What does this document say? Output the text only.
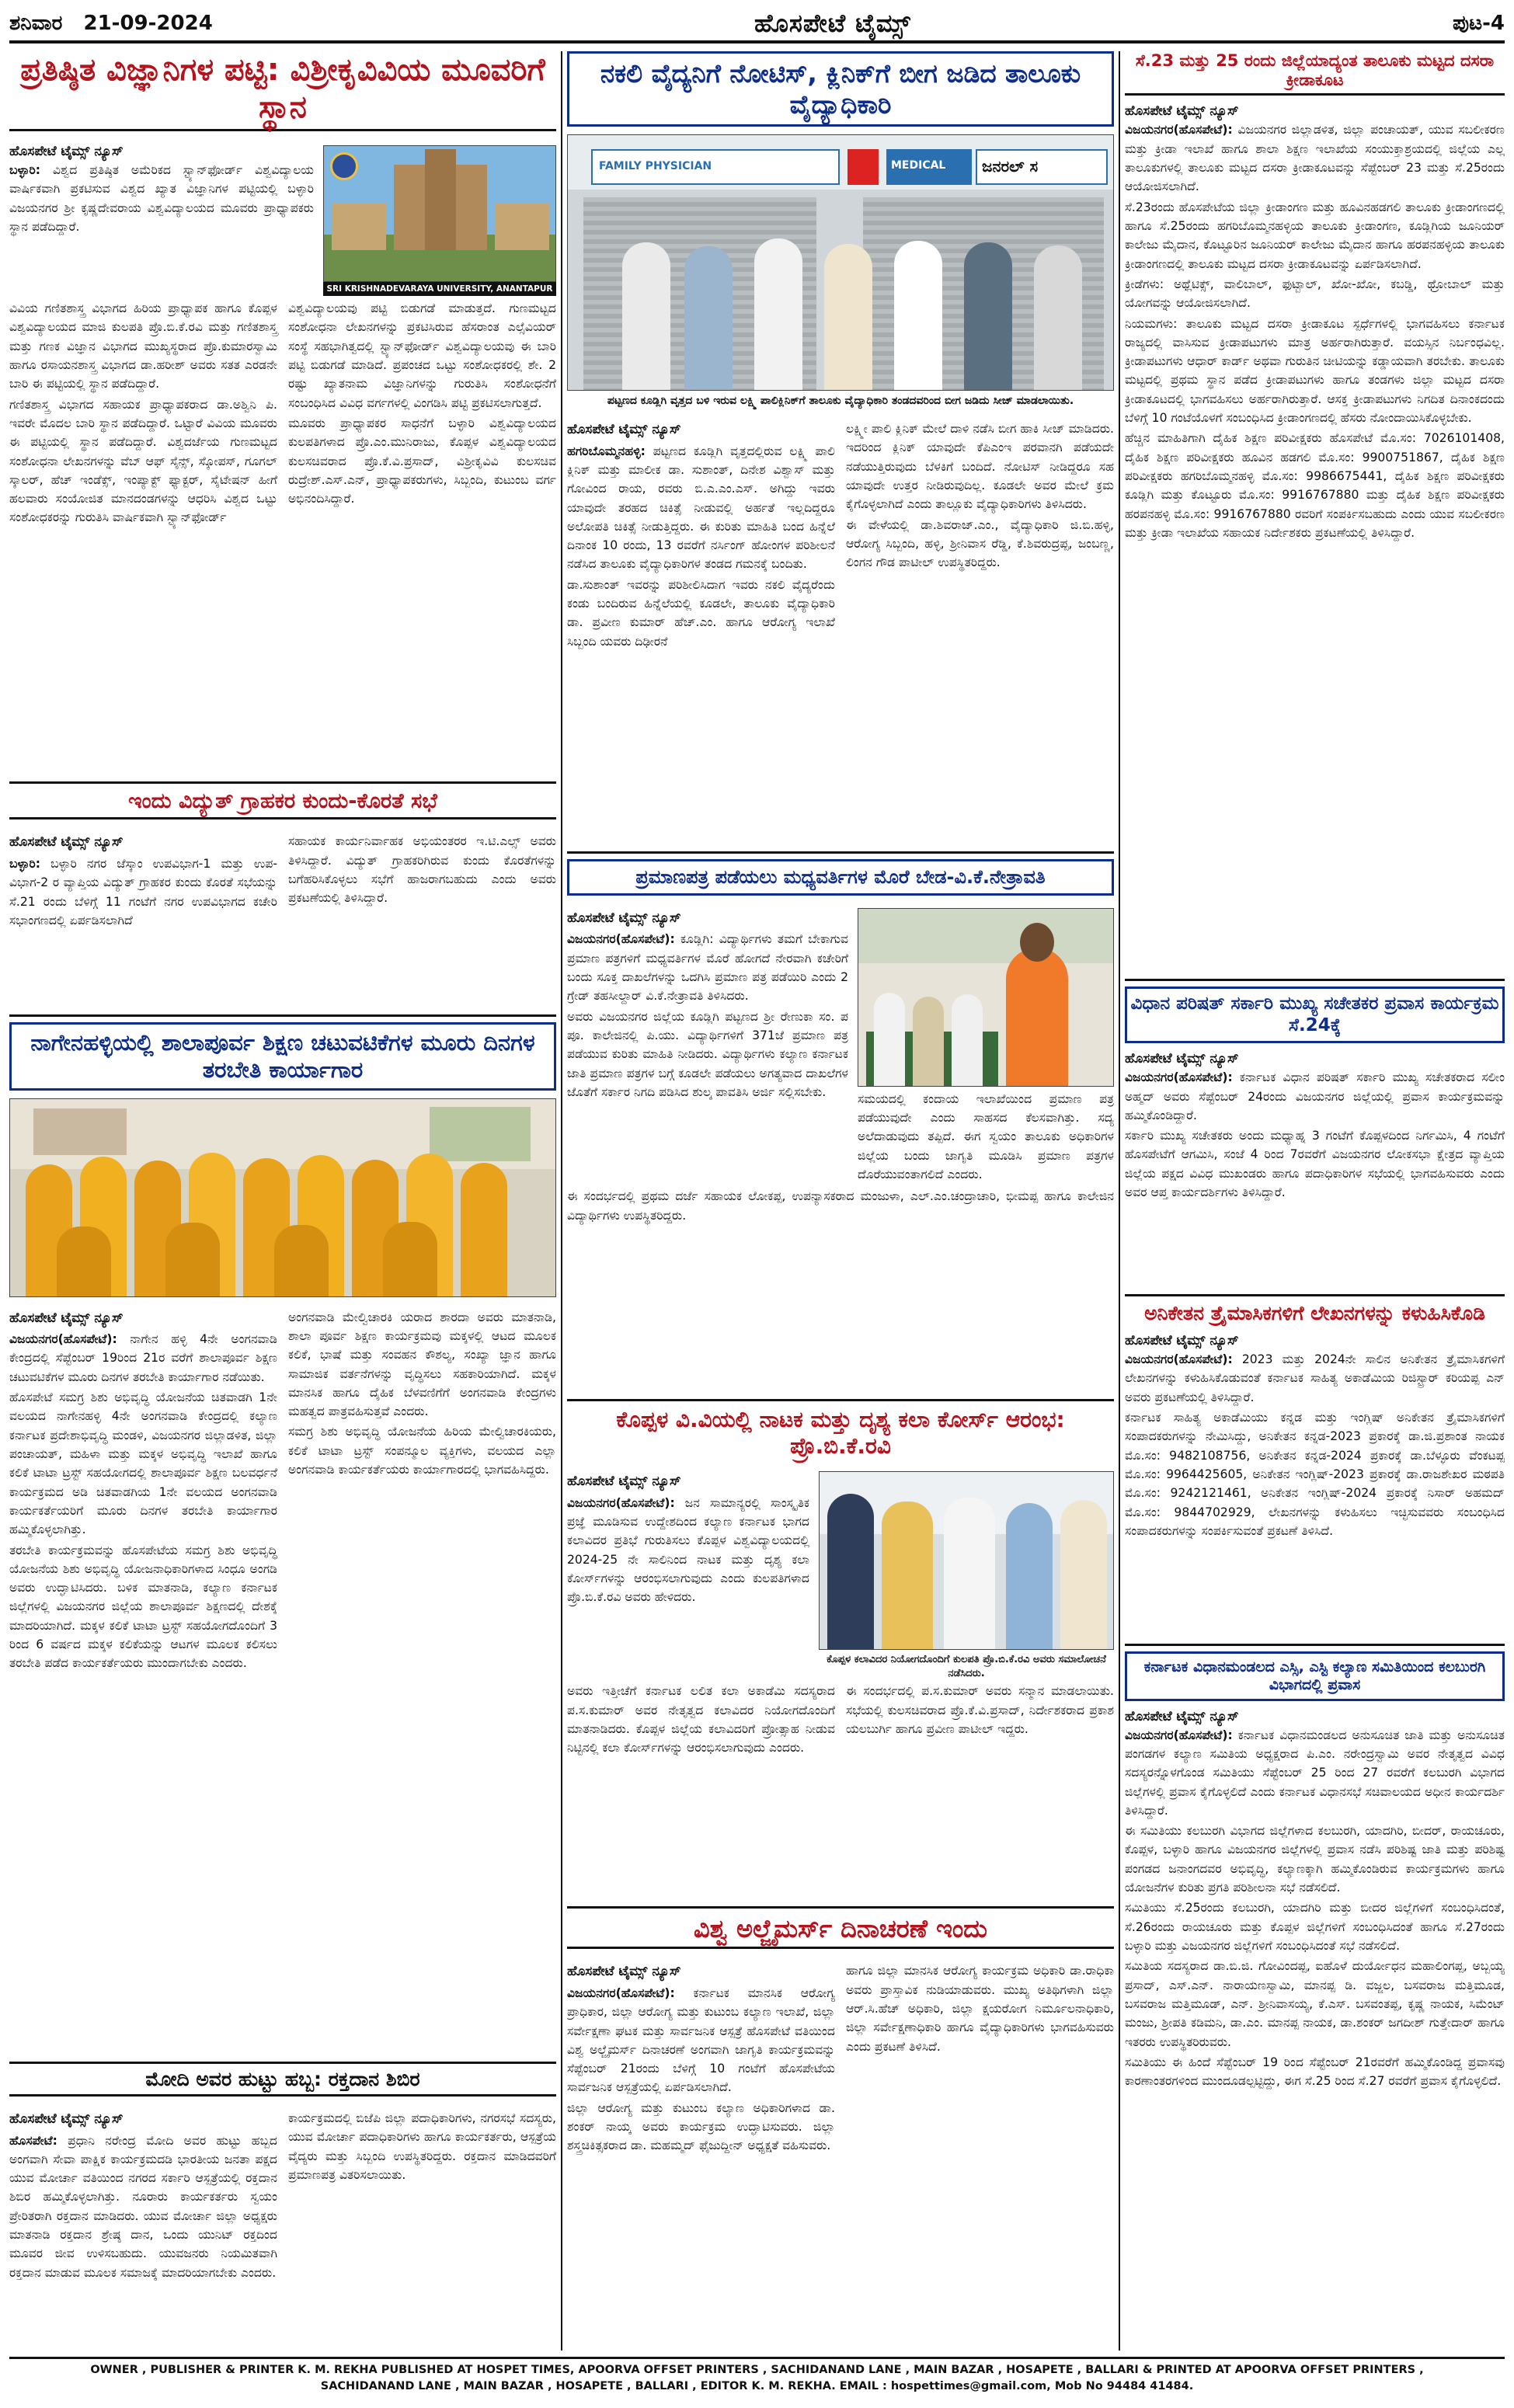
ಶನಿವಾರ 21-09-2024	ಹೊಸಪೇಟೆ ಟೈಮ್ಸ್	ಪುಟ-4
ಪ್ರತಿಷ್ಠಿತ ವಿಜ್ಞಾನಿಗಳ ಪಟ್ಟಿ: ವಿಶ್ರೀಕೃವಿವಿಯ ಮೂವರಿಗೆ ಸ್ಥಾನ
ಹೊಸಪೇಟೆ ಟೈಮ್ಸ್ ನ್ಯೂಸ್

ಬಳ್ಳಾರಿ: ವಿಶ್ವದ ಪ್ರತಿಷ್ಠಿತ ಅಮೆರಿಕದ ಸ್ಟ್ಯಾನ್‌ಫೋರ್ಡ್ ವಿಶ್ವವಿದ್ಯಾಲಯ ವಾರ್ಷಿಕವಾಗಿ ಪ್ರಕಟಿಸುವ ವಿಶ್ವದ ಖ್ಯಾತ ವಿಜ್ಞಾನಿಗಳ ಪಟ್ಟಿಯಲ್ಲಿ ಬಳ್ಳಾರಿ ವಿಜಯನಗರ ಶ್ರೀ ಕೃಷ್ಣದೇವರಾಯ ವಿಶ್ವವಿದ್ಯಾಲಯದ ಮೂವರು ಪ್ರಾಧ್ಯಾಪಕರು ಸ್ಥಾನ ಪಡೆದಿದ್ದಾರೆ.

SRI KRISHNADEVARAYA UNIVERSITY, ANANTAPUR

ವಿವಿಯ ಗಣಿತಶಾಸ್ತ್ರ ವಿಭಾಗದ ಹಿರಿಯ ಪ್ರಾಧ್ಯಾಪಕ ಹಾಗೂ ಕೊಪ್ಪಳ ವಿಶ್ವವಿದ್ಯಾಲಯದ ಮಾಜಿ ಕುಲಪತಿ ಪ್ರೊ.ಬಿ.ಕೆ.ರವಿ ಮತ್ತು ಗಣಿತಶಾಸ್ತ್ರ ಮತ್ತು ಗಣಕ ವಿಜ್ಞಾನ ವಿಭಾಗದ ಮುಖ್ಯಸ್ಥರಾದ ಪ್ರೊ.ಕುಮಾರಸ್ವಾಮಿ ಹಾಗೂ ರಸಾಯನಶಾಸ್ತ್ರ ವಿಭಾಗದ ಡಾ.ಹರೀಶ್ ಅವರು ಸತತ ಎರಡನೇ ಬಾರಿ ಈ ಪಟ್ಟಿಯಲ್ಲಿ ಸ್ಥಾನ ಪಡೆದಿದ್ದಾರೆ.

ಗಣಿತಶಾಸ್ತ್ರ ವಿಭಾಗದ ಸಹಾಯಕ ಪ್ರಾಧ್ಯಾಪಕರಾದ ಡಾ.ಅಶ್ವಿನಿ ಪಿ. ಇವರೇ ಮೊದಲ ಬಾರಿ ಸ್ಥಾನ ಪಡೆದಿದ್ದಾರೆ. ಒಟ್ಟಾರೆ ವಿವಿಯ ಮೂವರು ಈ ಪಟ್ಟಿಯಲ್ಲಿ ಸ್ಥಾನ ಪಡೆದಿದ್ದಾರೆ. ವಿಶ್ವದರ್ಜೆಯ ಗುಣಮಟ್ಟದ ಸಂಶೋಧನಾ ಲೇಖನಗಳನ್ನು ವೆಬ್ ಆಫ್ ಸೈನ್ಸ್, ಸ್ಕೋಪಸ್, ಗೂಗಲ್ ಸ್ಕಾಲರ್, ಹೆಚ್ ಇಂಡೆಕ್ಸ್, ಇಂಪ್ಯಾಕ್ಟ್ ಫ್ಯಾಕ್ಟರ್, ಸೈಟೇಷನ್ ಹೀಗೆ ಹಲವಾರು ಸಂಯೋಜಿತ ಮಾನದಂಡಗಳನ್ನು ಆಧರಿಸಿ ವಿಶ್ವದ ಒಟ್ಟು ಸಂಶೋಧಕರನ್ನು ಗುರುತಿಸಿ ವಾರ್ಷಿಕವಾಗಿ ಸ್ಟ್ಯಾನ್‌ಫೋರ್ಡ್

ವಿಶ್ವವಿದ್ಯಾಲಯವು ಪಟ್ಟಿ ಬಿಡುಗಡೆ ಮಾಡುತ್ತದೆ. ಗುಣಮಟ್ಟದ ಸಂಶೋಧನಾ ಲೇಖನಗಳನ್ನು ಪ್ರಕಟಿಸಿರುವ ಹೆಸರಾಂತ ಎಲ್ಸೆವಿಯರ್ ಸಂಸ್ಥೆ ಸಹಭಾಗಿತ್ವದಲ್ಲಿ ಸ್ಟ್ಯಾನ್‌ಫೋರ್ಡ್ ವಿಶ್ವವಿದ್ಯಾಲಯವು ಈ ಬಾರಿ ಪಟ್ಟಿ ಬಿಡುಗಡೆ ಮಾಡಿದೆ. ಪ್ರಪಂಚದ ಒಟ್ಟು ಸಂಶೋಧಕರಲ್ಲಿ ಶೇ. 2 ರಷ್ಟು ಖ್ಯಾತನಾಮ ವಿಜ್ಞಾನಿಗಳನ್ನು ಗುರುತಿಸಿ ಸಂಶೋಧನೆಗೆ ಸಂಬಂಧಿಸಿದ ವಿವಿಧ ವರ್ಗಗಳಲ್ಲಿ ವಿಂಗಡಿಸಿ ಪಟ್ಟಿ ಪ್ರಕಟಿಸಲಾಗುತ್ತದೆ.

ಮೂವರು ಪ್ರಾಧ್ಯಾಪಕರ ಸಾಧನೆಗೆ ಬಳ್ಳಾರಿ ವಿಶ್ವವಿದ್ಯಾಲಯದ ಕುಲಪತಿಗಳಾದ ಪ್ರೊ.ಎಂ.ಮುನಿರಾಜು, ಕೊಪ್ಪಳ ವಿಶ್ವವಿದ್ಯಾಲಯದ ಕುಲಸಚಿವರಾದ ಪ್ರೊ.ಕೆ.ವಿ.ಪ್ರಸಾದ್, ವಿಶ್ರೀಕೃವಿವಿ ಕುಲಸಚಿವ ರುದ್ರೇಶ್.ಎಸ್.ಎನ್, ಪ್ರಾಧ್ಯಾಪಕರುಗಳು, ಸಿಬ್ಬಂದಿ, ಕುಟುಂಬ ವರ್ಗ ಅಭಿನಂದಿಸಿದ್ದಾರೆ.

ಇಂದು ವಿದ್ಯುತ್ ಗ್ರಾಹಕರ ಕುಂದು-ಕೊರತೆ ಸಭೆ
ಹೊಸಪೇಟೆ ಟೈಮ್ಸ್ ನ್ಯೂಸ್

ಬಳ್ಳಾರಿ: ಬಳ್ಳಾರಿ ನಗರ ಜೆಸ್ಕಾಂ ಉಪವಿಭಾಗ-1 ಮತ್ತು ಉಪ-ವಿಭಾಗ-2 ರ ವ್ಯಾಪ್ತಿಯ ವಿದ್ಯುತ್ ಗ್ರಾಹಕರ ಕುಂದು ಕೊರತೆ ಸಭೆಯನ್ನು ಸೆ.21 ರಂದು ಬೆಳಿಗ್ಗೆ 11 ಗಂಟೆಗೆ ನಗರ ಉಪವಿಭಾಗದ ಕಚೇರಿ ಸಭಾಂಗಣದಲ್ಲಿ ಏರ್ಪಡಿಸಲಾಗಿದೆ

ಸಹಾಯಕ ಕಾರ್ಯನಿರ್ವಾಹಕ ಅಭಿಯಂತರರ ಇ.ಟಿ.ಎಲ್ಸ್ ಅವರು ತಿಳಿಸಿದ್ದಾರೆ. ವಿದ್ಯುತ್ ಗ್ರಾಹಕರಿಗಿರುವ ಕುಂದು ಕೊರತೆಗಳನ್ನು ಬಗೆಹರಿಸಿಕೊಳ್ಳಲು ಸಭೆಗೆ ಹಾಜರಾಗಬಹುದು ಎಂದು ಅವರು ಪ್ರಕಟಣೆಯಲ್ಲಿ ತಿಳಿಸಿದ್ದಾರೆ.

ನಾಗೇನಹಳ್ಳಿಯಲ್ಲಿ ಶಾಲಾಪೂರ್ವ ಶಿಕ್ಷಣ ಚಟುವಟಿಕೆಗಳ ಮೂರು ದಿನಗಳ ತರಬೇತಿ ಕಾರ್ಯಾಗಾರ
ಹೊಸಪೇಟೆ ಟೈಮ್ಸ್ ನ್ಯೂಸ್

ವಿಜಯನಗರ(ಹೊಸಪೇಟೆ): ನಾಗೇನ ಹಳ್ಳಿ 4ನೇ ಅಂಗನವಾಡಿ ಕೇಂದ್ರದಲ್ಲಿ ಸೆಪ್ಟೆಂಬರ್ 19ರಿಂದ 21ರ ವರೆಗೆ ಶಾಲಾಪೂರ್ವ ಶಿಕ್ಷಣ ಚಟುವಟಿಕೆಗಳ ಮೂರು ದಿನಗಳ ತರಬೇತಿ ಕಾರ್ಯಾಗಾರ ನಡೆಯಿತು.

ಹೊಸಪೇಟೆ ಸಮಗ್ರ ಶಿಶು ಅಭಿವೃದ್ಧಿ ಯೋಜನೆಯ ಚಿತವಾಡಗಿ 1ನೇ ವಲಯದ ನಾಗೇನಹಳ್ಳಿ 4ನೇ ಅಂಗನವಾಡಿ ಕೇಂದ್ರದಲ್ಲಿ ಕಲ್ಯಾಣ ಕರ್ನಾಟಕ ಪ್ರದೇಶಾಭಿವೃದ್ಧಿ ಮಂಡಳಿ, ವಿಜಯನಗರ ಜಿಲ್ಲಾಡಳಿತ, ಜಿಲ್ಲಾ ಪಂಚಾಯತ್, ಮಹಿಳಾ ಮತ್ತು ಮಕ್ಕಳ ಅಭಿವೃದ್ಧಿ ಇಲಾಖೆ ಹಾಗೂ ಕಲಿಕೆ ಟಾಟಾ ಟ್ರಸ್ಟ್ ಸಹಯೋಗದಲ್ಲಿ ಶಾಲಾಪೂರ್ವ ಶಿಕ್ಷಣ ಬಲವರ್ಧನೆ ಕಾರ್ಯಕ್ರಮದ ಅಡಿ ಚಿತವಾಡಗಿಯ 1ನೇ ವಲಯದ ಅಂಗನವಾಡಿ ಕಾರ್ಯಕರ್ತೆಯರಿಗೆ ಮೂರು ದಿನಗಳ ತರಬೇತಿ ಕಾರ್ಯಾಗಾರ ಹಮ್ಮಿಕೊಳ್ಳಲಾಗಿತ್ತು.

ತರಬೇತಿ ಕಾರ್ಯಕ್ರಮವನ್ನು ಹೊಸಪೇಟೆಯ ಸಮಗ್ರ ಶಿಶು ಅಭಿವೃದ್ಧಿ ಯೋಜನೆಯ ಶಿಶು ಅಭಿವೃದ್ಧಿ ಯೋಜನಾಧಿಕಾರಿಗಳಾದ ಸಿಂಧೂ ಅಂಗಡಿ ಅವರು ಉದ್ಘಾಟಿಸಿದರು. ಬಳಿಕ ಮಾತನಾಡಿ, ಕಲ್ಯಾಣ ಕರ್ನಾಟಕ ಜಿಲ್ಲೆಗಳಲ್ಲಿ ವಿಜಯನಗರ ಜಿಲ್ಲೆಯ ಶಾಲಾಪೂರ್ವ ಶಿಕ್ಷಣದಲ್ಲಿ ದೇಶಕ್ಕೆ ಮಾದರಿಯಾಗಿದೆ. ಮಕ್ಕಳ ಕಲಿಕೆ ಟಾಟಾ ಟ್ರಸ್ಟ್ ಸಹಯೋಗದೊಂದಿಗೆ 3 ರಿಂದ 6 ವರ್ಷದ ಮಕ್ಕಳ ಕಲಿಕೆಯನ್ನು ಆಟಗಳ ಮೂಲಕ ಕಲಿಸಲು ತರಬೇತಿ ಪಡೆದ ಕಾರ್ಯಕರ್ತೆಯರು ಮುಂದಾಗಬೇಕು ಎಂದರು.

ಅಂಗನವಾಡಿ ಮೇಲ್ವಿಚಾರಕಿ ಯರಾದ ಶಾರದಾ ಅವರು ಮಾತನಾಡಿ, ಶಾಲಾ ಪೂರ್ವ ಶಿಕ್ಷಣ ಕಾರ್ಯಕ್ರಮವು ಮಕ್ಕಳಲ್ಲಿ ಆಟದ ಮೂಲಕ ಕಲಿಕೆ, ಭಾಷೆ ಮತ್ತು ಸಂವಹನ ಕೌಶಲ್ಯ, ಸಂಖ್ಯಾ ಜ್ಞಾನ ಹಾಗೂ ಸಾಮಾಜಿಕ ವರ್ತನೆಗಳನ್ನು ವೃದ್ಧಿಸಲು ಸಹಕಾರಿಯಾಗಿದೆ. ಮಕ್ಕಳ ಮಾನಸಿಕ ಹಾಗೂ ದೈಹಿಕ ಬೆಳವಣಿಗೆಗೆ ಅಂಗನವಾಡಿ ಕೇಂದ್ರಗಳು ಮಹತ್ವದ ಪಾತ್ರವಹಿಸುತ್ತವೆ ಎಂದರು.

ಸಮಗ್ರ ಶಿಶು ಅಭಿವೃದ್ಧಿ ಯೋಜನೆಯ ಹಿರಿಯ ಮೇಲ್ವಿಚಾರಕಿಯರು, ಕಲಿಕೆ ಟಾಟಾ ಟ್ರಸ್ಟ್ ಸಂಪನ್ಮೂಲ ವ್ಯಕ್ತಿಗಳು, ವಲಯದ ಎಲ್ಲಾ ಅಂಗನವಾಡಿ ಕಾರ್ಯಕರ್ತೆಯರು ಕಾರ್ಯಾಗಾರದಲ್ಲಿ ಭಾಗವಹಿಸಿದ್ದರು.

ಮೋದಿ ಅವರ ಹುಟ್ಟು ಹಬ್ಬ: ರಕ್ತದಾನ ಶಿಬಿರ
ಹೊಸಪೇಟೆ ಟೈಮ್ಸ್ ನ್ಯೂಸ್

ಹೊಸಪೇಟೆ: ಪ್ರಧಾನಿ ನರೇಂದ್ರ ಮೋದಿ ಅವರ ಹುಟ್ಟು ಹಬ್ಬದ ಅಂಗವಾಗಿ ಸೇವಾ ಪಾಕ್ಷಿಕ ಕಾರ್ಯಕ್ರಮದಡಿ ಭಾರತೀಯ ಜನತಾ ಪಕ್ಷದ ಯುವ ಮೋರ್ಚಾ ವತಿಯಿಂದ ನಗರದ ಸರ್ಕಾರಿ ಆಸ್ಪತ್ರೆಯಲ್ಲಿ ರಕ್ತದಾನ ಶಿಬಿರ ಹಮ್ಮಿಕೊಳ್ಳಲಾಗಿತ್ತು. ನೂರಾರು ಕಾರ್ಯಕರ್ತರು ಸ್ವಯಂ ಪ್ರೇರಿತರಾಗಿ ರಕ್ತದಾನ ಮಾಡಿದರು. ಯುವ ಮೋರ್ಚಾ ಜಿಲ್ಲಾ ಅಧ್ಯಕ್ಷರು ಮಾತನಾಡಿ ರಕ್ತದಾನ ಶ್ರೇಷ್ಠ ದಾನ, ಒಂದು ಯುನಿಟ್ ರಕ್ತದಿಂದ ಮೂವರ ಜೀವ ಉಳಿಸಬಹುದು. ಯುವಜನರು ನಿಯಮಿತವಾಗಿ ರಕ್ತದಾನ ಮಾಡುವ ಮೂಲಕ ಸಮಾಜಕ್ಕೆ ಮಾದರಿಯಾಗಬೇಕು ಎಂದರು.

ಕಾರ್ಯಕ್ರಮದಲ್ಲಿ ಬಿಜೆಪಿ ಜಿಲ್ಲಾ ಪದಾಧಿಕಾರಿಗಳು, ನಗರಸಭೆ ಸದಸ್ಯರು, ಯುವ ಮೋರ್ಚಾ ಪದಾಧಿಕಾರಿಗಳು ಹಾಗೂ ಕಾರ್ಯಕರ್ತರು, ಆಸ್ಪತ್ರೆಯ ವೈದ್ಯರು ಮತ್ತು ಸಿಬ್ಬಂದಿ ಉಪಸ್ಥಿತರಿದ್ದರು. ರಕ್ತದಾನ ಮಾಡಿದವರಿಗೆ ಪ್ರಮಾಣಪತ್ರ ವಿತರಿಸಲಾಯಿತು.

ನಕಲಿ ವೈದ್ಯನಿಗೆ ನೋಟಿಸ್, ಕ್ಲಿನಿಕ್‌ಗೆ ಬೀಗ ಜಡಿದ ತಾಲೂಕು ವೈದ್ಯಾಧಿಕಾರಿ
FAMILY PHYSICIAN	MEDICAL	ಜನರಲ್ ಸ
ಪಟ್ಟಣದ ಕೂಡ್ಲಿಗಿ ವೃತ್ತದ ಬಳಿ ಇರುವ ಲಕ್ಷ್ಮಿ ಪಾಲಿಕ್ಲಿನಿಕ್‌ಗೆ ತಾಲೂಕು ವೈದ್ಯಾಧಿಕಾರಿ ತಂಡದವರಿಂದ ಬೀಗ ಜಡಿದು ಸೀಜ್ ಮಾಡಲಾಯಿತು.
ಹೊಸಪೇಟೆ ಟೈಮ್ಸ್ ನ್ಯೂಸ್

ಹಗರಿಬೊಮ್ಮನಹಳ್ಳಿ: ಪಟ್ಟಣದ ಕೂಡ್ಲಿಗಿ ವೃತ್ತದಲ್ಲಿರುವ ಲಕ್ಷ್ಮಿ ಪಾಲಿ ಕ್ಲಿನಿಕ್ ಮತ್ತು ಮಾಲೀಕ ಡಾ. ಸುಶಾಂತ್, ದಿನೇಶ ವಿಶ್ವಾಸ್ ಮತ್ತು ಗೋವಿಂದ ರಾಯ, ರವರು ಬಿ.ಎ.ಎಂ.ಎಸ್. ಅಗಿದ್ದು ಇವರು ಯಾವುದೇ ತರಹದ ಚಿಕಿತ್ಸೆ ನೀಡುವಲ್ಲಿ ಅರ್ಹತೆ ಇಲ್ಲದಿದ್ದರೂ ಅಲೋಪತಿ ಚಿಕಿತ್ಸೆ ನೀಡುತ್ತಿದ್ದರು. ಈ ಕುರಿತು ಮಾಹಿತಿ ಬಂದ ಹಿನ್ನೆಲೆ ದಿನಾಂಕ 10 ರಂದು, 13 ರವರೆಗೆ ನರ್ಸಿಂಗ್ ಹೋಂಗಳ ಪರಿಶೀಲನೆ ನಡೆಸಿದ ತಾಲೂಕು ವೈದ್ಯಾಧಿಕಾರಿಗಳ ತಂಡದ ಗಮನಕ್ಕೆ ಬಂದಿತು.

ಡಾ.ಸುಶಾಂತ್ ಇವರನ್ನು ಪರಿಶೀಲಿಸಿದಾಗ ಇವರು ನಕಲಿ ವೈದ್ಯರೆಂದು ಕಂಡು ಬಂದಿರುವ ಹಿನ್ನೆಲೆಯಲ್ಲಿ ಕೂಡಲೇ, ತಾಲೂಕು ವೈದ್ಯಾಧಿಕಾರಿ ಡಾ. ಪ್ರವೀಣ ಕುಮಾರ್ ಹೆಚ್.ಎಂ. ಹಾಗೂ ಆರೋಗ್ಯ ಇಲಾಖೆ ಸಿಬ್ಬಂದಿ ಯವರು ದಿಢೀರನೆ

ಲಕ್ಷ್ಮೀ ಪಾಲಿ ಕ್ಲಿನಿಕ್ ಮೇಲೆ ದಾಳಿ ನಡೆಸಿ ಬೀಗ ಹಾಕಿ ಸೀಜ್ ಮಾಡಿದರು. ಇದರಿಂದ ಕ್ಲಿನಿಕ್ ಯಾವುದೇ ಕೆಪಿಎಂಇ ಪರವಾನಗಿ ಪಡೆಯದೇ ನಡೆಯುತ್ತಿರುವುದು ಬೆಳಕಿಗೆ ಬಂದಿದೆ. ನೋಟಿಸ್ ನೀಡಿದ್ದರೂ ಸಹ ಯಾವುದೇ ಉತ್ತರ ನೀಡಿರುವುದಿಲ್ಲ. ಕೂಡಲೇ ಅವರ ಮೇಲೆ ಕ್ರಮ ಕೈಗೊಳ್ಳಲಾಗಿದೆ ಎಂದು ತಾಲ್ಲೂಕು ವೈದ್ಯಾಧಿಕಾರಿಗಳು ತಿಳಿಸಿದರು.

ಈ ವೇಳೆಯಲ್ಲಿ ಡಾ.ಶಿವರಾಜ್.ಎಂ., ವೈದ್ಯಾಧಿಕಾರಿ ಜಿ.ಬಿ.ಹಳ್ಳಿ, ಆರೋಗ್ಯ ಸಿಬ್ಬಂದಿ, ಹಳ್ಳಿ, ಶ್ರೀನಿವಾಸ ರೆಡ್ಡಿ, ಕೆ.ಶಿವರುದ್ರಪ್ಪ, ಜಂಬಣ್ಣ, ಲಿಂಗನ ಗೌಡ ಪಾಟೀಲ್ ಉಪಸ್ಥಿತರಿದ್ದರು.

ಪ್ರಮಾಣಪತ್ರ ಪಡೆಯಲು ಮಧ್ಯವರ್ತಿಗಳ ಮೊರೆ ಬೇಡ-ವಿ.ಕೆ.ನೇತ್ರಾವತಿ
ಹೊಸಪೇಟೆ ಟೈಮ್ಸ್ ನ್ಯೂಸ್

ವಿಜಯನಗರ(ಹೊಸಪೇಟೆ): ಕೂಡ್ಲಿಗಿ: ವಿದ್ಯಾರ್ಥಿಗಳು ತಮಗೆ ಬೇಕಾಗುವ ಪ್ರಮಾಣ ಪತ್ರಗಳಿಗೆ ಮಧ್ಯವರ್ತಿಗಳ ಮೊರೆ ಹೋಗದೆ ನೇರವಾಗಿ ಕಚೇರಿಗೆ ಬಂದು ಸೂಕ್ತ ದಾಖಲೆಗಳನ್ನು ಒದಗಿಸಿ ಪ್ರಮಾಣ ಪತ್ರ ಪಡೆಯಿರಿ ಎಂದು 2 ಗ್ರೇಡ್ ತಹಸೀಲ್ದಾರ್ ವಿ.ಕೆ.ನೇತ್ರಾವತಿ ತಿಳಿಸಿದರು.

ಅವರು ವಿಜಯನಗರ ಜಿಲ್ಲೆಯ ಕೂಡ್ಲಿಗಿ ಪಟ್ಟಣದ ಶ್ರೀ ರೇಣುಕಾ ಸಂ. ಪ ಪೂ. ಕಾಲೇಜಿನಲ್ಲಿ ಪಿ.ಯು. ವಿದ್ಯಾರ್ಥಿಗಳಿಗೆ 371ಜೆ ಪ್ರಮಾಣ ಪತ್ರ ಪಡೆಯುವ ಕುರಿತು ಮಾಹಿತಿ ನೀಡಿದರು. ವಿದ್ಯಾರ್ಥಿಗಳು ಕಲ್ಯಾಣ ಕರ್ನಾಟಕ ಜಾತಿ ಪ್ರಮಾಣ ಪತ್ರಗಳ ಬಗ್ಗೆ ಕೂಡಲೇ ಪಡೆಯಲು ಅಗತ್ಯವಾದ ದಾಖಲೆಗಳ ಜೊತೆಗೆ ಸರ್ಕಾರ ನಿಗದಿ ಪಡಿಸಿದ ಶುಲ್ಕ ಪಾವತಿಸಿ ಅರ್ಜಿ ಸಲ್ಲಿಸಬೇಕು.	ಸಮಯದಲ್ಲಿ ಕಂದಾಯ ಇಲಾಖೆಯಿಂದ ಪ್ರಮಾಣ ಪತ್ರ ಪಡೆಯುವುದೇ ಎಂದು ಸಾಹಸದ ಕೆಲಸವಾಗಿತ್ತು. ಸದ್ಯ ಅಲೆದಾಡುವುದು ತಪ್ಪಿದೆ. ಈಗ ಸ್ವಯಂ ತಾಲೂಕು ಅಧಿಕಾರಿಗಳ ಜಿಲ್ಲೆಯ ಬಂದು ಜಾಗೃತಿ ಮೂಡಿಸಿ ಪ್ರಮಾಣ ಪತ್ರಗಳ ದೊರೆಯುವಂತಾಗಲಿದೆ ಎಂದರು.

ಈ ಸಂದರ್ಭದಲ್ಲಿ ಪ್ರಥಮ ದರ್ಜೆ ಸಹಾಯಕ ಲೋಕಪ್ಪ, ಉಪನ್ಯಾಸಕರಾದ ಮಂಜುಳಾ, ಎಲ್.ಎಂ.ಚಂದ್ರಾಚಾರಿ, ಭೀಮಪ್ಪ ಹಾಗೂ ಕಾಲೇಜಿನ ವಿದ್ಯಾರ್ಥಿಗಳು ಉಪಸ್ಥಿತರಿದ್ದರು.

ಕೊಪ್ಪಳ ವಿ.ವಿಯಲ್ಲಿ ನಾಟಕ ಮತ್ತು ದೃಶ್ಯ ಕಲಾ ಕೋರ್ಸ್ ಆರಂಭ: ಪ್ರೊ.ಬಿ.ಕೆ.ರವಿ
ಹೊಸಪೇಟೆ ಟೈಮ್ಸ್ ನ್ಯೂಸ್

ವಿಜಯನಗರ(ಹೊಸಪೇಟೆ): ಜನ ಸಾಮಾನ್ಯರಲ್ಲಿ ಸಾಂಸ್ಕೃತಿಕ ಪ್ರಜ್ಞೆ ಮೂಡಿಸುವ ಉದ್ದೇಶದಿಂದ ಕಲ್ಯಾಣ ಕರ್ನಾಟಕ ಭಾಗದ ಕಲಾವಿದರ ಪ್ರತಿಭೆ ಗುರುತಿಸಲು ಕೊಪ್ಪಳ ವಿಶ್ವವಿದ್ಯಾಲಯದಲ್ಲಿ 2024-25 ನೇ ಸಾಲಿನಿಂದ ನಾಟಕ ಮತ್ತು ದೃಶ್ಯ ಕಲಾ ಕೋರ್ಸ್‌ಗಳನ್ನು ಆರಂಭಿಸಲಾಗುವುದು ಎಂದು ಕುಲಪತಿಗಳಾದ ಪ್ರೊ.ಬಿ.ಕೆ.ರವಿ ಅವರು ಹೇಳಿದರು.

ಕೊಪ್ಪಳ ಕಲಾವಿದರ ನಿಯೋಗದೊಂದಿಗೆ ಕುಲಪತಿ ಪ್ರೊ.ಬಿ.ಕೆ.ರವಿ ಅವರು ಸಮಾಲೋಚನೆ ನಡೆಸಿದರು.

ಅವರು ಇತ್ತೀಚೆಗೆ ಕರ್ನಾಟಕ ಲಲಿತ ಕಲಾ ಅಕಾಡೆಮಿ ಸದಸ್ಯರಾದ ಪ.ಸ.ಕುಮಾರ್ ಅವರ ನೇತೃತ್ವದ ಕಲಾವಿದರ ನಿಯೋಗದೊಂದಿಗೆ ಮಾತನಾಡಿದರು. ಕೊಪ್ಪಳ ಜಿಲ್ಲೆಯ ಕಲಾವಿದರಿಗೆ ಪ್ರೋತ್ಸಾಹ ನೀಡುವ ನಿಟ್ಟಿನಲ್ಲಿ ಕಲಾ ಕೋರ್ಸ್‌ಗಳನ್ನು ಆರಂಭಿಸಲಾಗುವುದು ಎಂದರು.

ಈ ಸಂದರ್ಭದಲ್ಲಿ ಪ.ಸ.ಕುಮಾರ್ ಅವರು ಸನ್ಮಾನ ಮಾಡಲಾಯಿತು. ಸಭೆಯಲ್ಲಿ ಕುಲಸಚಿವರಾದ ಪ್ರೊ.ಕೆ.ವಿ.ಪ್ರಸಾದ್, ನಿರ್ದೇಶಕರಾದ ಪ್ರಕಾಶ ಯಲಬುರ್ಗಿ ಹಾಗೂ ಪ್ರವೀಣ ಪಾಟೀಲ್ ಇದ್ದರು.

ವಿಶ್ವ ಅಲ್ಜೈಮರ್ಸ್ ದಿನಾಚರಣೆ ಇಂದು
ಹೊಸಪೇಟೆ ಟೈಮ್ಸ್ ನ್ಯೂಸ್

ವಿಜಯನಗರ(ಹೊಸಪೇಟೆ): ಕರ್ನಾಟಕ ಮಾನಸಿಕ ಆರೋಗ್ಯ ಪ್ರಾಧಿಕಾರ, ಜಿಲ್ಲಾ ಆರೋಗ್ಯ ಮತ್ತು ಕುಟುಂಬ ಕಲ್ಯಾಣ ಇಲಾಖೆ, ಜಿಲ್ಲಾ ಸರ್ವೇಕ್ಷಣಾ ಘಟಕ ಮತ್ತು ಸಾರ್ವಜನಿಕ ಆಸ್ಪತ್ರೆ ಹೊಸಪೇಟೆ ವತಿಯಿಂದ ವಿಶ್ವ ಅಲ್ಜೈಮರ್ಸ್ ದಿನಾಚರಣೆ ಅಂಗವಾಗಿ ಜಾಗೃತಿ ಕಾರ್ಯಕ್ರಮವನ್ನು ಸೆಪ್ಟೆಂಬರ್ 21ರಂದು ಬೆಳಿಗ್ಗೆ 10 ಗಂಟೆಗೆ ಹೊಸಪೇಟೆಯ ಸಾರ್ವಜನಿಕ ಆಸ್ಪತ್ರೆಯಲ್ಲಿ ಏರ್ಪಡಿಸಲಾಗಿದೆ.

ಜಿಲ್ಲಾ ಆರೋಗ್ಯ ಮತ್ತು ಕುಟುಂಬ ಕಲ್ಯಾಣ ಅಧಿಕಾರಿಗಳಾದ ಡಾ. ಶಂಕರ್ ನಾಯ್ಕ ಅವರು ಕಾರ್ಯಕ್ರಮ ಉದ್ಘಾಟಿಸುವರು. ಜಿಲ್ಲಾ ಶಸ್ತ್ರಚಿಕಿತ್ಸಕರಾದ ಡಾ. ಮಹಮ್ಮದ್ ಫೈಜುದ್ದೀನ್ ಅಧ್ಯಕ್ಷತೆ ವಹಿಸುವರು.

ಹಾಗೂ ಜಿಲ್ಲಾ ಮಾನಸಿಕ ಆರೋಗ್ಯ ಕಾರ್ಯಕ್ರಮ ಅಧಿಕಾರಿ ಡಾ.ರಾಧಿಕಾ ಅವರು ಪ್ರಾಸ್ತಾವಿಕ ನುಡಿಯಾಡುವರು. ಮುಖ್ಯ ಅತಿಥಿಗಳಾಗಿ ಜಿಲ್ಲಾ ಆರ್.ಸಿ.ಹೆಚ್ ಅಧಿಕಾರಿ, ಜಿಲ್ಲಾ ಕ್ಷಯರೋಗ ನಿರ್ಮೂಲನಾಧಿಕಾರಿ, ಜಿಲ್ಲಾ ಸರ್ವೇಕ್ಷಣಾಧಿಕಾರಿ ಹಾಗೂ ವೈದ್ಯಾಧಿಕಾರಿಗಳು ಭಾಗವಹಿಸುವರು ಎಂದು ಪ್ರಕಟಣೆ ತಿಳಿಸಿದೆ.

ಸೆ.23 ಮತ್ತು 25 ರಂದು ಜಿಲ್ಲೆಯಾದ್ಯಂತ ತಾಲೂಕು ಮಟ್ಟದ ದಸರಾ ಕ್ರೀಡಾಕೂಟ
ಹೊಸಪೇಟೆ ಟೈಮ್ಸ್ ನ್ಯೂಸ್

ವಿಜಯನಗರ(ಹೊಸಪೇಟೆ): ವಿಜಯನಗರ ಜಿಲ್ಲಾಡಳಿತ, ಜಿಲ್ಲಾ ಪಂಚಾಯತ್, ಯುವ ಸಬಲೀಕರಣ ಮತ್ತು ಕ್ರೀಡಾ ಇಲಾಖೆ ಹಾಗೂ ಶಾಲಾ ಶಿಕ್ಷಣ ಇಲಾಖೆಯ ಸಂಯುಕ್ತಾಶ್ರಯದಲ್ಲಿ ಜಿಲ್ಲೆಯ ಎಲ್ಲ ತಾಲೂಕುಗಳಲ್ಲಿ ತಾಲೂಕು ಮಟ್ಟದ ದಸರಾ ಕ್ರೀಡಾಕೂಟವನ್ನು ಸೆಪ್ಟೆಂಬರ್ 23 ಮತ್ತು ಸೆ.25ರಂದು ಆಯೋಜಿಸಲಾಗಿದೆ.

ಸೆ.23ರಂದು ಹೊಸಪೇಟೆಯ ಜಿಲ್ಲಾ ಕ್ರೀಡಾಂಗಣ ಮತ್ತು ಹೂವಿನಹಡಗಲಿ ತಾಲೂಕು ಕ್ರೀಡಾಂಗಣದಲ್ಲಿ ಹಾಗೂ ಸೆ.25ರಂದು ಹಗರಿಬೊಮ್ಮನಹಳ್ಳಿಯ ತಾಲೂಕು ಕ್ರೀಡಾಂಗಣ, ಕೂಡ್ಲಿಗಿಯ ಜೂನಿಯರ್ ಕಾಲೇಜು ಮೈದಾನ, ಕೊಟ್ಟೂರಿನ ಜೂನಿಯರ್ ಕಾಲೇಜು ಮೈದಾನ ಹಾಗೂ ಹರಪನಹಳ್ಳಿಯ ತಾಲೂಕು ಕ್ರೀಡಾಂಗಣದಲ್ಲಿ ತಾಲೂಕು ಮಟ್ಟದ ದಸರಾ ಕ್ರೀಡಾಕೂಟವನ್ನು ಏರ್ಪಡಿಸಲಾಗಿದೆ.

ಕ್ರೀಡೆಗಳು: ಅಥ್ಲೆಟಿಕ್ಸ್, ವಾಲಿಬಾಲ್, ಫುಟ್ಬಾಲ್, ಖೋ-ಖೋ, ಕಬಡ್ಡಿ, ಥ್ರೋಬಾಲ್ ಮತ್ತು ಯೋಗವನ್ನು ಆಯೋಜಿಸಲಾಗಿದೆ.

ನಿಯಮಗಳು: ತಾಲೂಕು ಮಟ್ಟದ ದಸರಾ ಕ್ರೀಡಾಕೂಟ ಸ್ಪರ್ಧೆಗಳಲ್ಲಿ ಭಾಗವಹಿಸಲು ಕರ್ನಾಟಕ ರಾಜ್ಯದಲ್ಲಿ ವಾಸಿಸುವ ಕ್ರೀಡಾಪಟುಗಳು ಮಾತ್ರ ಅರ್ಹರಾಗಿರುತ್ತಾರೆ. ವಯಸ್ಸಿನ ನಿರ್ಬಂಧವಿಲ್ಲ. ಕ್ರೀಡಾಪಟುಗಳು ಆಧಾರ್ ಕಾರ್ಡ್ ಅಥವಾ ಗುರುತಿನ ಚೀಟಿಯನ್ನು ಕಡ್ಡಾಯವಾಗಿ ತರಬೇಕು. ತಾಲೂಕು ಮಟ್ಟದಲ್ಲಿ ಪ್ರಥಮ ಸ್ಥಾನ ಪಡೆದ ಕ್ರೀಡಾಪಟುಗಳು ಹಾಗೂ ತಂಡಗಳು ಜಿಲ್ಲಾ ಮಟ್ಟದ ದಸರಾ ಕ್ರೀಡಾಕೂಟದಲ್ಲಿ ಭಾಗವಹಿಸಲು ಅರ್ಹರಾಗಿರುತ್ತಾರೆ. ಆಸಕ್ತ ಕ್ರೀಡಾಪಟುಗಳು ನಿಗದಿತ ದಿನಾಂಕದಂದು ಬೆಳಿಗ್ಗೆ 10 ಗಂಟೆಯೊಳಗೆ ಸಂಬಂಧಿಸಿದ ಕ್ರೀಡಾಂಗಣದಲ್ಲಿ ಹೆಸರು ನೋಂದಾಯಿಸಿಕೊಳ್ಳಬೇಕು.

ಹೆಚ್ಚಿನ ಮಾಹಿತಿಗಾಗಿ ದೈಹಿಕ ಶಿಕ್ಷಣ ಪರಿವೀಕ್ಷಕರು ಹೊಸಪೇಟೆ ಮೊ.ಸಂ: 7026101408, ದೈಹಿಕ ಶಿಕ್ಷಣ ಪರಿವೀಕ್ಷಕರು ಹೂವಿನ ಹಡಗಲಿ ಮೊ.ಸಂ: 9900751867, ದೈಹಿಕ ಶಿಕ್ಷಣ ಪರಿವೀಕ್ಷಕರು ಹಗರಿಬೊಮ್ಮನಹಳ್ಳಿ ಮೊ.ಸಂ: 9986675441, ದೈಹಿಕ ಶಿಕ್ಷಣ ಪರಿವೀಕ್ಷಕರು ಕೂಡ್ಲಿಗಿ ಮತ್ತು ಕೊಟ್ಟೂರು ಮೊ.ಸಂ: 9916767880 ಮತ್ತು ದೈಹಿಕ ಶಿಕ್ಷಣ ಪರಿವೀಕ್ಷಕರು ಹರಪನಹಳ್ಳಿ ಮೊ.ಸಂ: 9916767880 ರವರಿಗೆ ಸಂಪರ್ಕಿಸಬಹುದು ಎಂದು ಯುವ ಸಬಲೀಕರಣ ಮತ್ತು ಕ್ರೀಡಾ ಇಲಾಖೆಯ ಸಹಾಯಕ ನಿರ್ದೇಶಕರು ಪ್ರಕಟಣೆಯಲ್ಲಿ ತಿಳಿಸಿದ್ದಾರೆ.

ವಿಧಾನ ಪರಿಷತ್ ಸರ್ಕಾರಿ ಮುಖ್ಯ ಸಚೇತಕರ ಪ್ರವಾಸ ಕಾರ್ಯಕ್ರಮ ಸೆ.24ಕ್ಕೆ
ಹೊಸಪೇಟೆ ಟೈಮ್ಸ್ ನ್ಯೂಸ್

ವಿಜಯನಗರ(ಹೊಸಪೇಟೆ): ಕರ್ನಾಟಕ ವಿಧಾನ ಪರಿಷತ್ ಸರ್ಕಾರಿ ಮುಖ್ಯ ಸಚೇತಕರಾದ ಸಲೀಂ ಅಹ್ಮದ್ ಅವರು ಸೆಪ್ಟೆಂಬರ್ 24ರಂದು ವಿಜಯನಗರ ಜಿಲ್ಲೆಯಲ್ಲಿ ಪ್ರವಾಸ ಕಾರ್ಯಕ್ರಮವನ್ನು ಹಮ್ಮಿಕೊಂಡಿದ್ದಾರೆ.

ಸರ್ಕಾರಿ ಮುಖ್ಯ ಸಚೇತಕರು ಅಂದು ಮಧ್ಯಾಹ್ನ 3 ಗಂಟೆಗೆ ಕೊಪ್ಪಳದಿಂದ ನಿರ್ಗಮಿಸಿ, 4 ಗಂಟೆಗೆ ಹೊಸಪೇಟೆಗೆ ಆಗಮಿಸಿ, ಸಂಜೆ 4 ರಿಂದ 7ರವರೆಗೆ ವಿಜಯನಗರ ಲೋಕಸಭಾ ಕ್ಷೇತ್ರದ ವ್ಯಾಪ್ತಿಯ ಜಿಲ್ಲೆಯ ಪಕ್ಷದ ವಿವಿಧ ಮುಖಂಡರು ಹಾಗೂ ಪದಾಧಿಕಾರಿಗಳ ಸಭೆಯಲ್ಲಿ ಭಾಗವಹಿಸುವರು ಎಂದು ಅವರ ಆಪ್ತ ಕಾರ್ಯದರ್ಶಿಗಳು ತಿಳಿಸಿದ್ದಾರೆ.

ಅನಿಕೇತನ ತ್ರೈಮಾಸಿಕಗಳಿಗೆ ಲೇಖನಗಳನ್ನು ಕಳುಹಿಸಿಕೊಡಿ
ಹೊಸಪೇಟೆ ಟೈಮ್ಸ್ ನ್ಯೂಸ್

ವಿಜಯನಗರ(ಹೊಸಪೇಟೆ): 2023 ಮತ್ತು 2024ನೇ ಸಾಲಿನ ಅನಿಕೇತನ ತ್ರೈಮಾಸಿಕಗಳಿಗೆ ಲೇಖನಗಳನ್ನು ಕಳುಹಿಸಿಕೊಡುವಂತೆ ಕರ್ನಾಟಕ ಸಾಹಿತ್ಯ ಅಕಾಡೆಮಿಯ ರಿಜಿಸ್ಟ್ರಾರ್ ಕರಿಯಪ್ಪ ಎನ್ ಅವರು ಪ್ರಕಟಣೆಯಲ್ಲಿ ತಿಳಿಸಿದ್ದಾರೆ.

ಕರ್ನಾಟಕ ಸಾಹಿತ್ಯ ಅಕಾಡೆಮಿಯು ಕನ್ನಡ ಮತ್ತು ಇಂಗ್ಲಿಷ್ ಅನಿಕೇತನ ತ್ರೈಮಾಸಿಕಗಳಿಗೆ ಸಂಪಾದಕರುಗಳನ್ನು ನೇಮಿಸಿದ್ದು, ಅನಿಕೇತನ ಕನ್ನಡ-2023 ಪ್ರಕಾರಕ್ಕೆ ಡಾ.ಜಿ.ಪ್ರಶಾಂತ ನಾಯಕ ಮೊ.ಸಂ: 9482108756, ಅನಿಕೇತನ ಕನ್ನಡ-2024 ಪ್ರಕಾರಕ್ಕೆ ಡಾ.ಬೆಳ್ಳೂರು ವೆಂಕಟಪ್ಪ ಮೊ.ಸಂ: 9964425605, ಅನಿಕೇತನ ಇಂಗ್ಲಿಷ್-2023 ಪ್ರಕಾರಕ್ಕೆ ಡಾ.ರಾಜಶೇಖರ ಮಠಪತಿ ಮೊ.ಸಂ: 9242121461, ಅನಿಕೇತನ ಇಂಗ್ಲಿಷ್-2024 ಪ್ರಕಾರಕ್ಕೆ ನಿಸಾರ್ ಅಹಮದ್ ಮೊ.ಸಂ: 9844702929, ಲೇಖನಗಳನ್ನು ಕಳುಹಿಸಲು ಇಚ್ಛಿಸುವವರು ಸಂಬಂಧಿಸಿದ ಸಂಪಾದಕರುಗಳನ್ನು ಸಂಪರ್ಕಿಸುವಂತೆ ಪ್ರಕಟಣೆ ತಿಳಿಸಿದೆ.

ಕರ್ನಾಟಕ ವಿಧಾನಮಂಡಲದ ಎಸ್ಸಿ, ಎಸ್ಟಿ ಕಲ್ಯಾಣ ಸಮಿತಿಯಿಂದ ಕಲಬುರಗಿ ವಿಭಾಗದಲ್ಲಿ ಪ್ರವಾಸ
ಹೊಸಪೇಟೆ ಟೈಮ್ಸ್ ನ್ಯೂಸ್

ವಿಜಯನಗರ(ಹೊಸಪೇಟೆ): ಕರ್ನಾಟಕ ವಿಧಾನಮಂಡಲದ ಅನುಸೂಚಿತ ಜಾತಿ ಮತ್ತು ಅನುಸೂಚಿತ ಪಂಗಡಗಳ ಕಲ್ಯಾಣ ಸಮಿತಿಯ ಅಧ್ಯಕ್ಷರಾದ ಪಿ.ಎಂ. ನರೇಂದ್ರಸ್ವಾಮಿ ಅವರ ನೇತೃತ್ವದ ವಿವಿಧ ಸದಸ್ಯರನ್ನೊಳಗೊಂಡ ಸಮಿತಿಯು ಸೆಪ್ಟೆಂಬರ್ 25 ರಿಂದ 27 ರವರೆಗೆ ಕಲಬುರಗಿ ವಿಭಾಗದ ಜಿಲ್ಲೆಗಳಲ್ಲಿ ಪ್ರವಾಸ ಕೈಗೊಳ್ಳಲಿದೆ ಎಂದು ಕರ್ನಾಟಕ ವಿಧಾನಸಭೆ ಸಚಿವಾಲಯದ ಅಧೀನ ಕಾರ್ಯದರ್ಶಿ ತಿಳಿಸಿದ್ದಾರೆ.

ಈ ಸಮಿತಿಯು ಕಲಬುರಗಿ ವಿಭಾಗದ ಜಿಲ್ಲೆಗಳಾದ ಕಲಬುರಗಿ, ಯಾದಗಿರಿ, ಬೀದರ್, ರಾಯಚೂರು, ಕೊಪ್ಪಳ, ಬಳ್ಳಾರಿ ಹಾಗೂ ವಿಜಯನಗರ ಜಿಲ್ಲೆಗಳಲ್ಲಿ ಪ್ರವಾಸ ನಡೆಸಿ ಪರಿಶಿಷ್ಟ ಜಾತಿ ಮತ್ತು ಪರಿಶಿಷ್ಟ ಪಂಗಡದ ಜನಾಂಗದವರ ಅಭಿವೃದ್ಧಿ, ಕಲ್ಯಾಣಕ್ಕಾಗಿ ಹಮ್ಮಿಕೊಂಡಿರುವ ಕಾರ್ಯಕ್ರಮಗಳು ಹಾಗೂ ಯೋಜನೆಗಳ ಕುರಿತು ಪ್ರಗತಿ ಪರಿಶೀಲನಾ ಸಭೆ ನಡೆಸಲಿದೆ.

ಸಮಿತಿಯು ಸೆ.25ರಂದು ಕಲಬುರಗಿ, ಯಾದಗಿರಿ ಮತ್ತು ಬೀದರ ಜಿಲ್ಲೆಗಳಿಗೆ ಸಂಬಂಧಿಸಿದಂತೆ, ಸೆ.26ರಂದು ರಾಯಚೂರು ಮತ್ತು ಕೊಪ್ಪಳ ಜಿಲ್ಲೆಗಳಿಗೆ ಸಂಬಂಧಿಸಿದಂತೆ ಹಾಗೂ ಸೆ.27ರಂದು ಬಳ್ಳಾರಿ ಮತ್ತು ವಿಜಯನಗರ ಜಿಲ್ಲೆಗಳಿಗೆ ಸಂಬಂಧಿಸಿದಂತೆ ಸಭೆ ನಡೆಸಲಿದೆ.

ಸಮಿತಿಯ ಸದಸ್ಯರಾದ ಡಾ.ಬಿ.ಜಿ. ಗೋವಿಂದಪ್ಪ, ಐಹೊಳೆ ದುರ್ಯೋಧನ ಮಹಾಲಿಂಗಪ್ಪ, ಅಬ್ಬಯ್ಯ ಪ್ರಸಾದ್, ಎಸ್.ಎನ್. ನಾರಾಯಣಸ್ವಾಮಿ, ಮಾನಪ್ಪ ಡಿ. ವಜ್ಜಲ, ಬಸವರಾಜ ಮತ್ತಿಮೂಡ, ಬಸವರಾಜ ಮತ್ತಿಮೂಡ್, ಎನ್. ಶ್ರೀನಿವಾಸಯ್ಯ, ಕೆ.ಎಸ್. ಬಸವಂತಪ್ಪ, ಕೃಷ್ಣ ನಾಯಕ, ಸಿಮೆಂಟ್ ಮಂಜು, ಶ್ರೀಪತಿ ಕಡಿಮನಿ, ಡಾ.ಎಂ. ಮಾನಪ್ಪ ನಾಯಕ, ಡಾ.ಶಂಕರ್ ಜಗದೀಶ್ ಗುತ್ತೇದಾರ್ ಹಾಗೂ ಇತರರು ಉಪಸ್ಥಿತರಿರುವರು.

ಸಮಿತಿಯು ಈ ಹಿಂದೆ ಸೆಪ್ಟೆಂಬರ್ 19 ರಿಂದ ಸೆಪ್ಟೆಂಬರ್ 21ರವರೆಗೆ ಹಮ್ಮಿಕೊಂಡಿದ್ದ ಪ್ರವಾಸವು ಕಾರಣಾಂತರಗಳಿಂದ ಮುಂದೂಡಲ್ಪಟ್ಟಿದ್ದು, ಈಗ ಸೆ.25 ರಿಂದ ಸೆ.27 ರವರೆಗೆ ಪ್ರವಾಸ ಕೈಗೊಳ್ಳಲಿದೆ.

OWNER , PUBLISHER & PRINTER K. M. REKHA PUBLISHED AT HOSPET TIMES, APOORVA OFFSET PRINTERS , SACHIDANAND LANE , MAIN BAZAR , HOSAPETE , BALLARI & PRINTED AT APOORVA OFFSET PRINTERS ,
SACHIDANAND LANE , MAIN BAZAR , HOSAPETE , BALLARI , EDITOR K. M. REKHA. EMAIL : hospettimes@gmail.com, Mob No 94484 41484.
